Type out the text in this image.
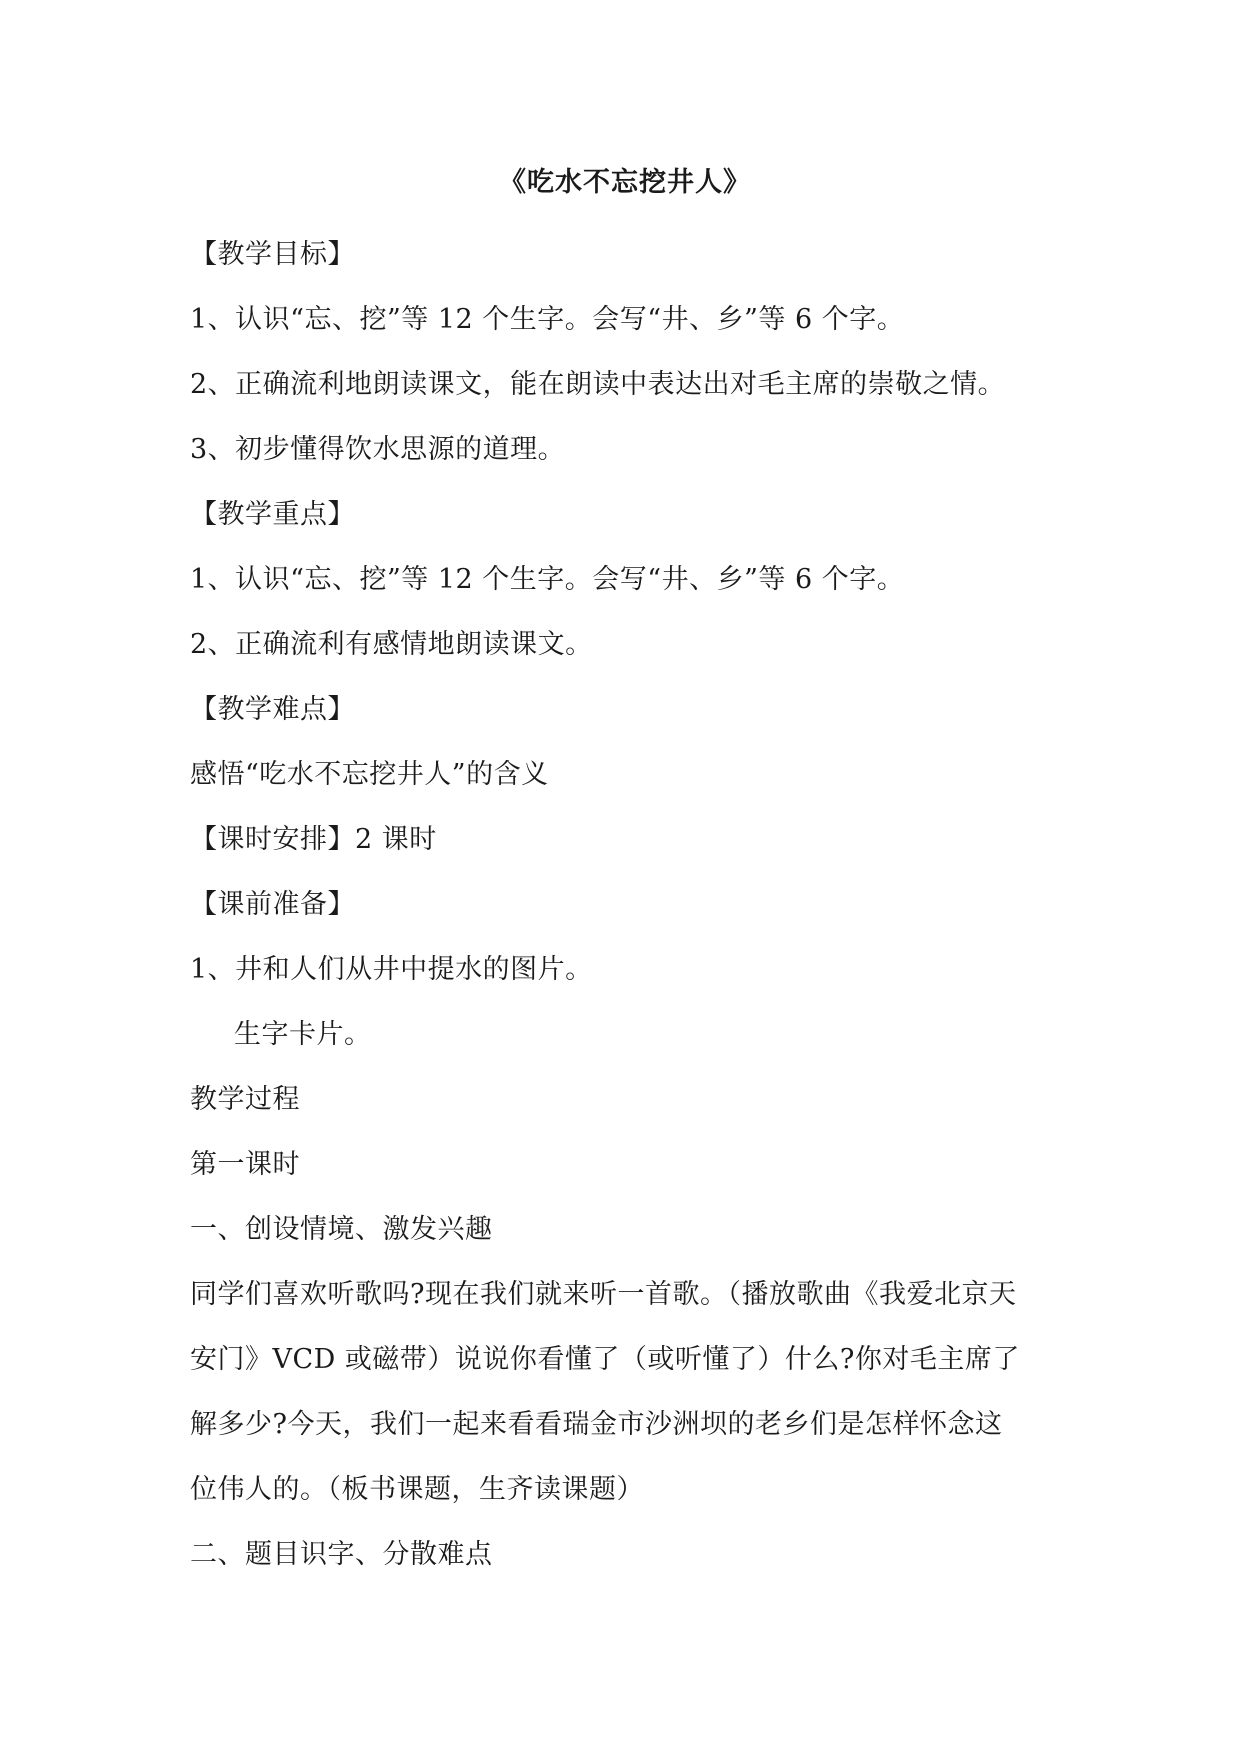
《吃水不忘挖井人》
【教学目标】
1、认识“忘、挖”等 12 个生字。会写“井、乡”等 6 个字。
2、正确流利地朗读课文，能在朗读中表达出对毛主席的崇敬之情。
3、初步懂得饮水思源的道理。
【教学重点】
1、认识“忘、挖”等 12 个生字。会写“井、乡”等 6 个字。
2、正确流利有感情地朗读课文。
【教学难点】
感悟“吃水不忘挖井人”的含义
【课时安排】2 课时
【课前准备】
1、井和人们从井中提水的图片。
生字卡片。
教学过程
第一课时
一、创设情境、激发兴趣
同学们喜欢听歌吗?现在我们就来听一首歌。（播放歌曲《我爱北京天
安门》VCD 或磁带）说说你看懂了（或听懂了）什么?你对毛主席了
解多少?今天，我们一起来看看瑞金市沙洲坝的老乡们是怎样怀念这
位伟人的。（板书课题，生齐读课题）
二、题目识字、分散难点
